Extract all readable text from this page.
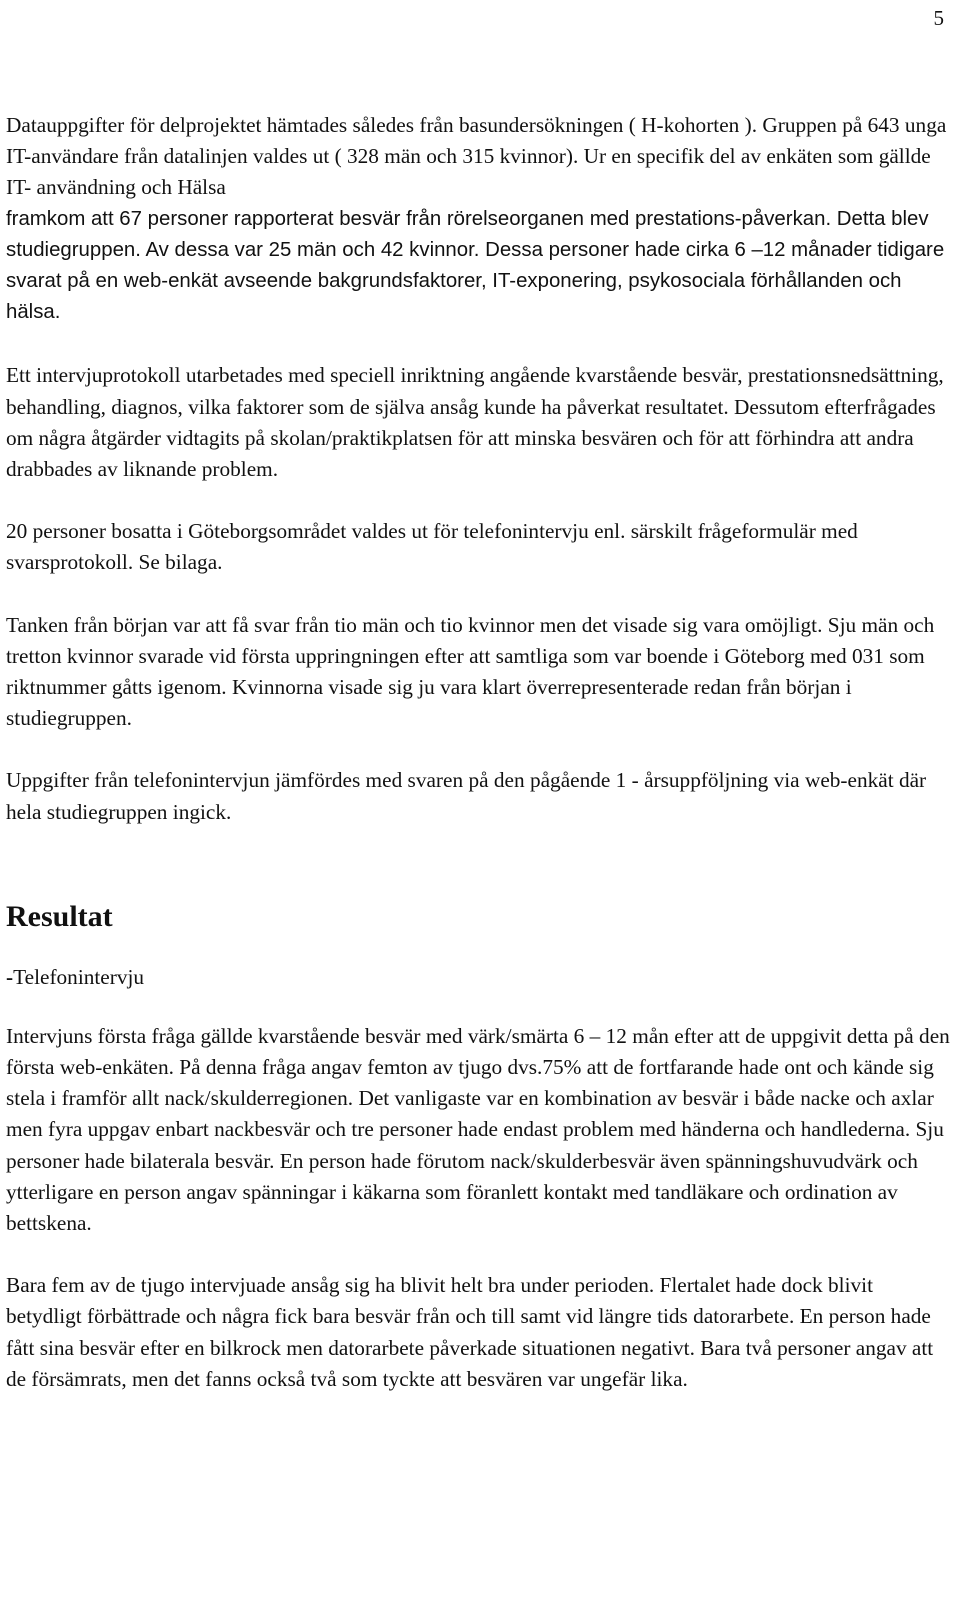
5

Datauppgifter för delprojektet hämtades således från basundersökningen ( H-kohorten ). Gruppen på 643 unga IT-användare från datalinjen valdes ut ( 328 män och 315 kvinnor). Ur en specifik del av enkäten som gällde IT- användning och Hälsa

framkom att 67 personer rapporterat besvär från rörelseorganen med prestations-påverkan. Detta blev studiegruppen. Av dessa var 25 män och 42 kvinnor. Dessa personer hade cirka 6 –12 månader tidigare svarat på en web-enkät avseende bakgrundsfaktorer, IT-exponering, psykosociala förhållanden och hälsa.

Ett intervjuprotokoll utarbetades med speciell inriktning angående kvarstående besvär, prestationsnedsättning, behandling, diagnos, vilka faktorer som de själva ansåg kunde ha påverkat resultatet. Dessutom efterfrågades om några åtgärder vidtagits på skolan/praktikplatsen för att minska besvären och för att förhindra att andra drabbades av liknande problem.

20 personer bosatta i Göteborgsområdet valdes ut för telefonintervju enl. särskilt frågeformulär med svarsprotokoll. Se bilaga.

Tanken från början var att få svar från tio män och tio kvinnor men det visade sig vara omöjligt. Sju män och tretton kvinnor svarade vid första uppringningen efter att samtliga som var boende i Göteborg med 031 som riktnummer gåtts igenom. Kvinnorna visade sig ju vara klart överrepresenterade redan från början i studiegruppen.

Uppgifter från telefonintervjun jämfördes med svaren på den pågående 1 - årsuppföljning via web-enkät där hela studiegruppen ingick.

Resultat

-Telefonintervju

Intervjuns första fråga gällde kvarstående besvär med värk/smärta 6 – 12 mån efter att de uppgivit detta på den första web-enkäten. På denna fråga angav femton av tjugo dvs.75% att de fortfarande hade ont och kände sig stela i framför allt nack/skulderregionen. Det vanligaste var en kombination av besvär i både nacke och axlar men fyra uppgav enbart nackbesvär och tre personer hade endast problem med händerna och handlederna. Sju personer hade bilaterala besvär. En person hade förutom nack/skulderbesvär även spänningshuvudvärk och ytterligare en person angav spänningar i käkarna som föranlett kontakt med tandläkare och ordination av bettskena.

Bara fem av de tjugo intervjuade ansåg sig ha blivit helt bra under perioden. Flertalet hade dock blivit betydligt förbättrade och några fick bara besvär från och till samt vid längre tids datorarbete. En person hade fått sina besvär efter en bilkrock men datorarbete påverkade situationen negativt. Bara två personer angav att de försämrats, men det fanns också två som tyckte att besvären var ungefär lika.
